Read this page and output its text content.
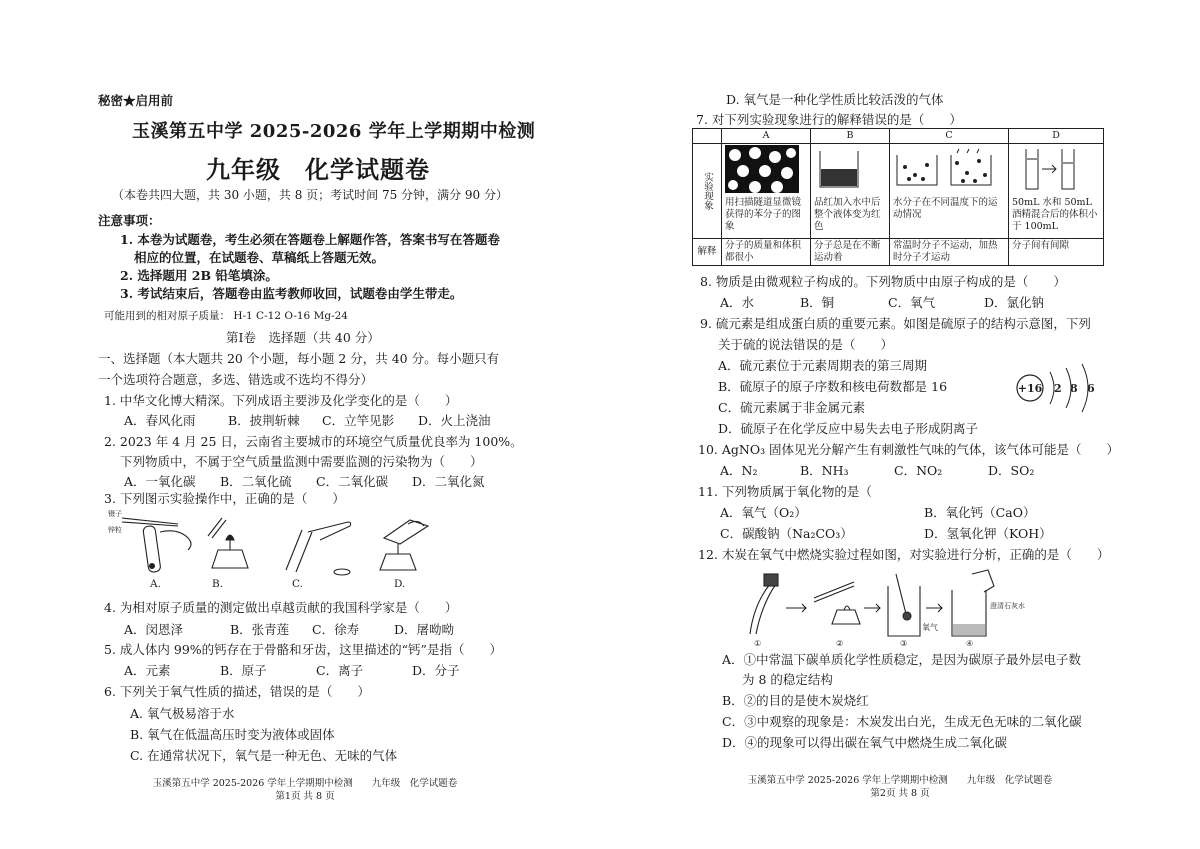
秘密★启用前
玉溪第五中学 2025-2026 学年上学期期中检测
九年级 化学试题卷
（本卷共四大题，共 30 小题，共 8 页；考试时间 75 分钟，满分 90 分）
注意事项：
1. 本卷为试题卷，考生必须在答题卷上解题作答，答案书写在答题卷
相应的位置，在试题卷、草稿纸上答题无效。
2. 选择题用 2B 铅笔填涂。
3. 考试结束后，答题卷由监考教师收回，试题卷由学生带走。
可能用到的相对原子质量： H-1 C-12 O-16 Mg-24
第Ⅰ卷　选择题（共 40 分）
一、选择题（本大题共 20 个小题，每小题 2 分，共 40 分。每小题只有
一个选项符合题意，多选、错选或不选均不得分）
1. 中华文化博大精深。下列成语主要涉及化学变化的是（　　）
A．春风化雨	B．披荆斩棘 C．立竿见影 D．火上浇油
2. 2023 年 4 月 25 日，云南省主要城市的环境空气质量优良率为 100%。
下列物质中，不属于空气质量监测中需要监测的污染物为（　　）
A．一氧化碳 B．二氧化硫 C．二氧化碳 D．二氧化氮
3. 下列图示实验操作中，正确的是（　　）
镊子
锌粒
A.	B.	C.	D.
4. 为相对原子质量的测定做出卓越贡献的我国科学家是（　　）
A．闵恩泽	B．张青莲 C．徐寿	D．屠呦呦
5. 成人体内 99%的钙存在于骨骼和牙齿，这里描述的“钙”是指（　　）
A．元素	B．原子	C．离子	D．分子
6. 下列关于氧气性质的描述，错误的是（　　）
A. 氧气极易溶于水
B. 氧气在低温高压时变为液体或固体
C. 在通常状况下，氧气是一种无色、无味的气体
玉溪第五中学 2025-2026 学年上学期期中检测　　九年级　化学试题卷
第1页 共 8 页
D. 氧气是一种化学性质比较活泼的气体
7. 对下列实验现象进行的解释错误的是（　　）
	A	B	C	D
实验现象	用扫描隧道显微镜获得的苯分子的图象	品红加入水中后整个液体变为红色	水分子在不同温度下的运动情况	50mL 水和 50mL 酒精混合后的体积小于 100mL

解释	分子的质量和体积都很小	分子总是在不断运动着	常温时分子不运动，加热时分子才运动	分子间有间隙
8. 物质是由微观粒子构成的。下列物质中由原子构成的是（　　）
A．水	B．铜	C．氧气	D．氯化钠
9. 硫元素是组成蛋白质的重要元素。如图是硫原子的结构示意图，下列
关于硫的说法错误的是（　　）
A．硫元素位于元素周期表的第三周期
B．硫原子的原子序数和核电荷数都是 16
C．硫元素属于非金属元素
D．硫原子在化学反应中易失去电子形成阴离子
+16 2 8 6
10. AgNO₃ 固体见光分解产生有刺激性气味的气体，该气体可能是（　　）
A．N₂	B．NH₃	C．NO₂	D．SO₂
11. 下列物质属于氧化物的是（
A．氧气（O₂）	B．氧化钙（CaO）
C．碳酸钠（Na₂CO₃）	D．氢氧化钾（KOH）
12. 木炭在氧气中燃烧实验过程如图，对实验进行分析，正确的是（　　）
①	②	③	④
氧气
澄清石灰水
A．①中常温下碳单质化学性质稳定，是因为碳原子最外层电子数
为 8 的稳定结构
B．②的目的是使木炭烧红
C．③中观察的现象是：木炭发出白光，生成无色无味的二氧化碳
D．④的现象可以得出碳在氧气中燃烧生成二氧化碳
玉溪第五中学 2025-2026 学年上学期期中检测　　九年级　化学试题卷
第2页 共 8 页
